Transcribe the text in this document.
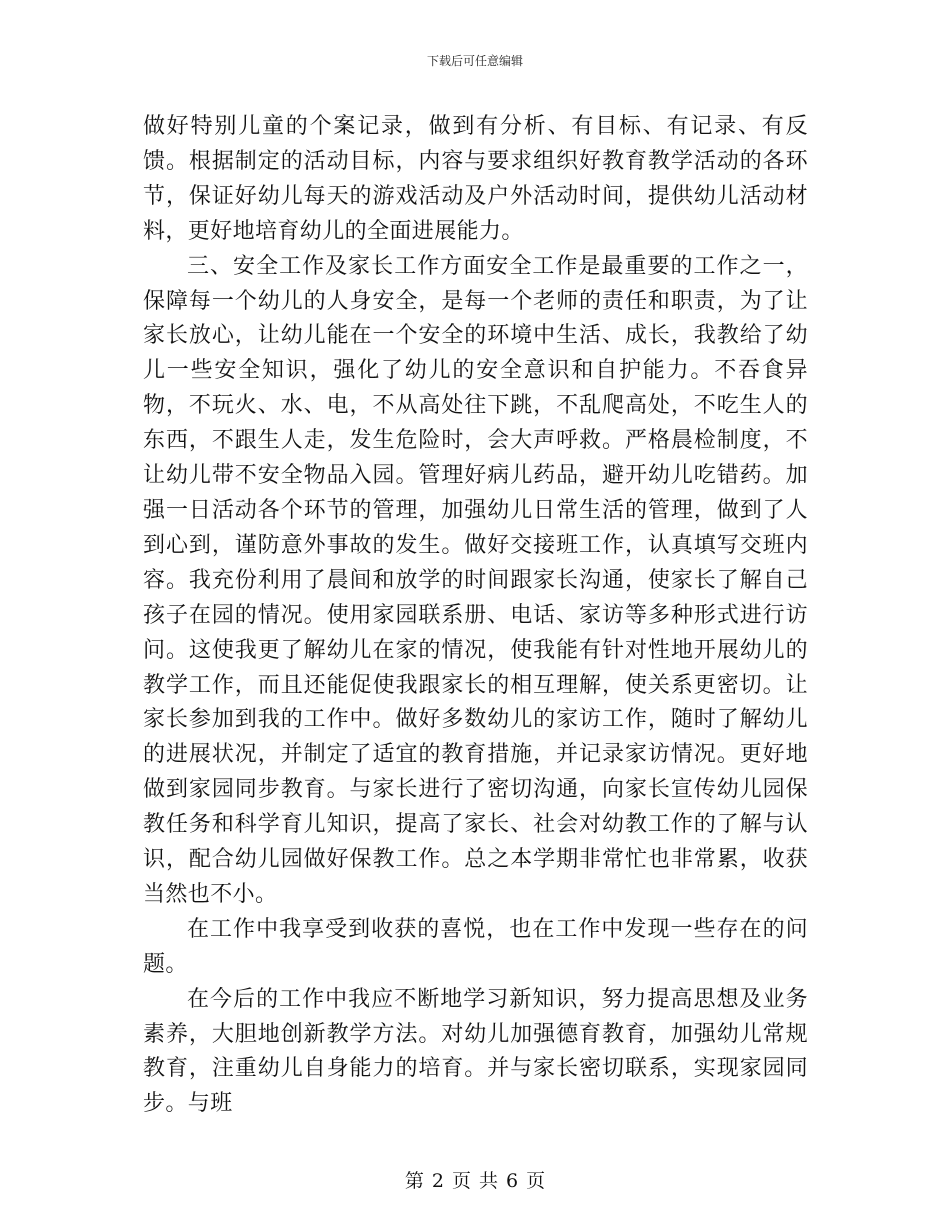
下载后可任意编辑

做好特别儿童的个案记录，做到有分析、有目标、有记录、有反馈。根据制定的活动目标，内容与要求组织好教育教学活动的各环节，保证好幼儿每天的游戏活动及户外活动时间，提供幼儿活动材料，更好地培育幼儿的全面进展能力。

三、安全工作及家长工作方面安全工作是最重要的工作之一，保障每一个幼儿的人身安全，是每一个老师的责任和职责，为了让家长放心，让幼儿能在一个安全的环境中生活、成长，我教给了幼儿一些安全知识，强化了幼儿的安全意识和自护能力。不吞食异物，不玩火、水、电，不从高处往下跳，不乱爬高处，不吃生人的东西，不跟生人走，发生危险时，会大声呼救。严格晨检制度，不让幼儿带不安全物品入园。管理好病儿药品，避开幼儿吃错药。加强一日活动各个环节的管理，加强幼儿日常生活的管理，做到了人到心到，谨防意外事故的发生。做好交接班工作，认真填写交班内容。我充份利用了晨间和放学的时间跟家长沟通，使家长了解自己孩子在园的情况。使用家园联系册、电话、家访等多种形式进行访问。这使我更了解幼儿在家的情况，使我能有针对性地开展幼儿的教学工作，而且还能促使我跟家长的相互理解，使关系更密切。让家长参加到我的工作中。做好多数幼儿的家访工作，随时了解幼儿的进展状况，并制定了适宜的教育措施，并记录家访情况。更好地做到家园同步教育。与家长进行了密切沟通，向家长宣传幼儿园保教任务和科学育儿知识，提高了家长、社会对幼教工作的了解与认识，配合幼儿园做好保教工作。总之本学期非常忙也非常累，收获当然也不小。

在工作中我享受到收获的喜悦，也在工作中发现一些存在的问题。

在今后的工作中我应不断地学习新知识，努力提高思想及业务素养，大胆地创新教学方法。对幼儿加强德育教育，加强幼儿常规教育，注重幼儿自身能力的培育。并与家长密切联系，实现家园同步。与班

第 2 页 共 6 页
